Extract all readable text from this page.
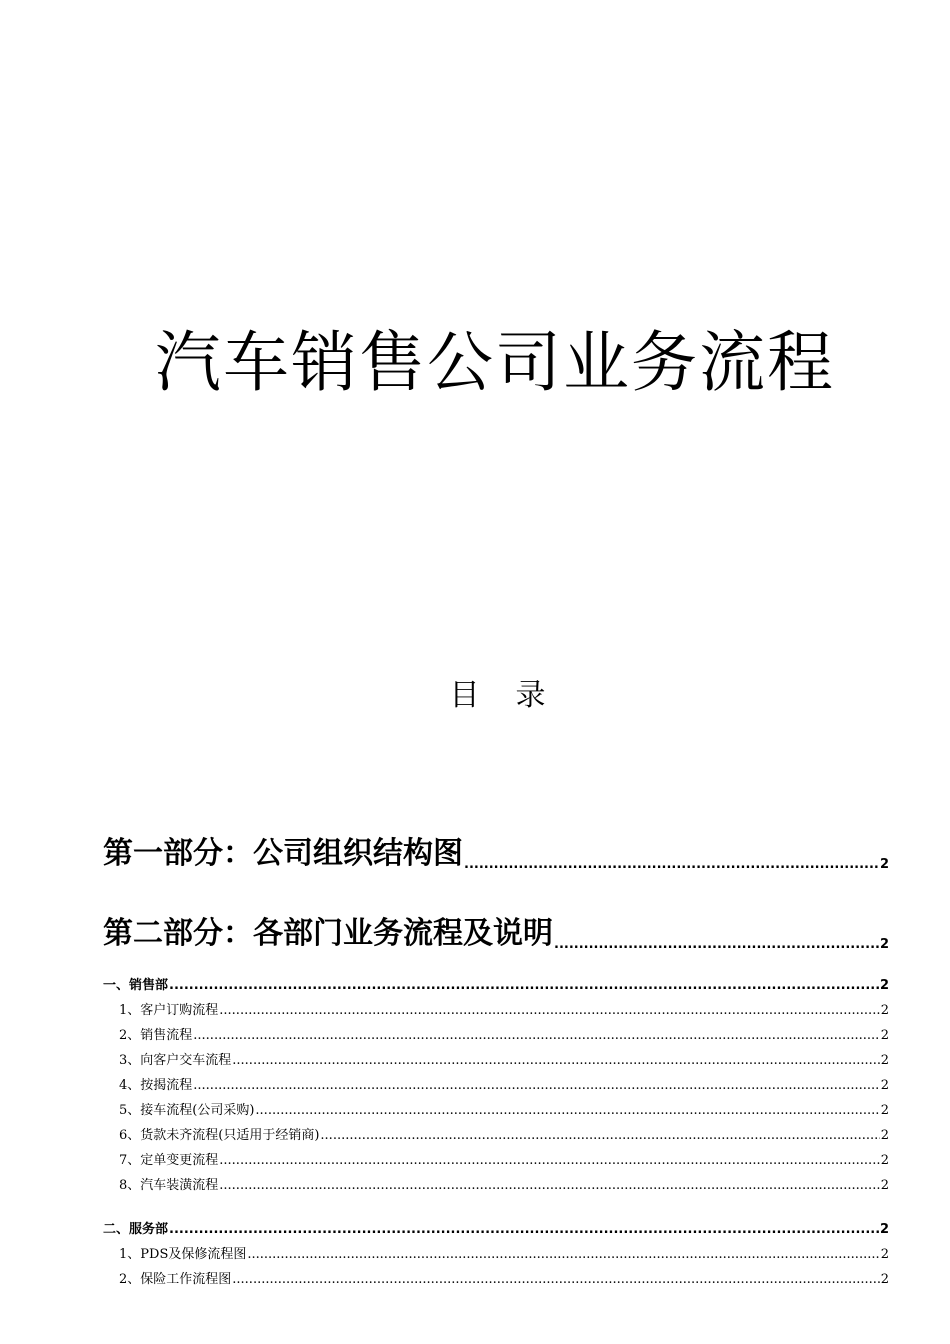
汽车销售公司业务流程
目 录
第一部分：公司组织结构图 .....	2
第二部分：各部门业务流程及说明 .....	2
一、销售部 .....	2
1、客户订购流程 .....	2
2、销售流程 .....	2
3、向客户交车流程 .....	2
4、按揭流程 .....	2
5、接车流程(公司采购) .....	2
6、货款未齐流程(只适用于经销商) .....	2
7、定单变更流程 .....	2
8、汽车装潢流程 .....	2
二、服务部 .....	2
1、PDS及保修流程图 .....	2
2、保险工作流程图 .....	2
